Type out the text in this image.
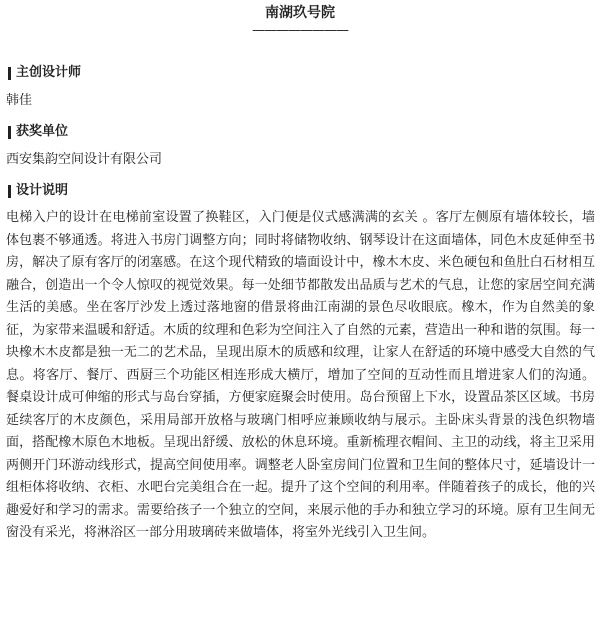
南湖玖号院
————————
主创设计师
韩佳
获奖单位
西安集韵空间设计有限公司
设计说明

电梯入户的设计在电梯前室设置了换鞋区，入门便是仪式感满满的玄关 。客厅左侧原有墙体较长，墙体包裹不够通透。将进入书房门调整方向；同时将储物收纳、钢琴设计在这面墙体，同色木皮延伸至书房，解决了原有客厅的闭塞感。在这个现代精致的墙面设计中，橡木木皮、米色硬包和鱼肚白石材相互融合，创造出一个令人惊叹的视觉效果。每一处细节都散发出品质与艺术的气息，让您的家居空间充满生活的美感。坐在客厅沙发上透过落地窗的借景将曲江南湖的景色尽收眼底。橡木，作为自然美的象征，为家带来温暖和舒适。木质的纹理和色彩为空间注入了自然的元素，营造出一种和谐的氛围。每一块橡木木皮都是独一无二的艺术品，呈现出原木的质感和纹理，让家人在舒适的环境中感受大自然的气息。将客厅、餐厅、西厨三个功能区相连形成大横厅，增加了空间的互动性而且增进家人们的沟通。 餐桌设计成可伸缩的形式与岛台穿插，方便家庭聚会时使用。岛台预留上下水，设置品茶区区域。书房延续客厅的木皮颜色，采用局部开放格与玻璃门相呼应兼顾收纳与展示。主卧床头背景的浅色织物墙面，搭配橡木原色木地板。呈现出舒缓、放松的休息环境。重新梳理衣帽间、主卫的动线，将主卫采用两侧开门环游动线形式，提高空间使用率。调整老人卧室房间门位置和卫生间的整体尺寸，延墙设计一组柜体将收纳、衣柜、水吧台完美组合在一起。提升了这个空间的利用率。伴随着孩子的成长，他的兴趣爱好和学习的需求。需要给孩子一个独立的空间，来展示他的手办和独立学习的环境。原有卫生间无窗没有采光，将淋浴区一部分用玻璃砖来做墙体，将室外光线引入卫生间。
